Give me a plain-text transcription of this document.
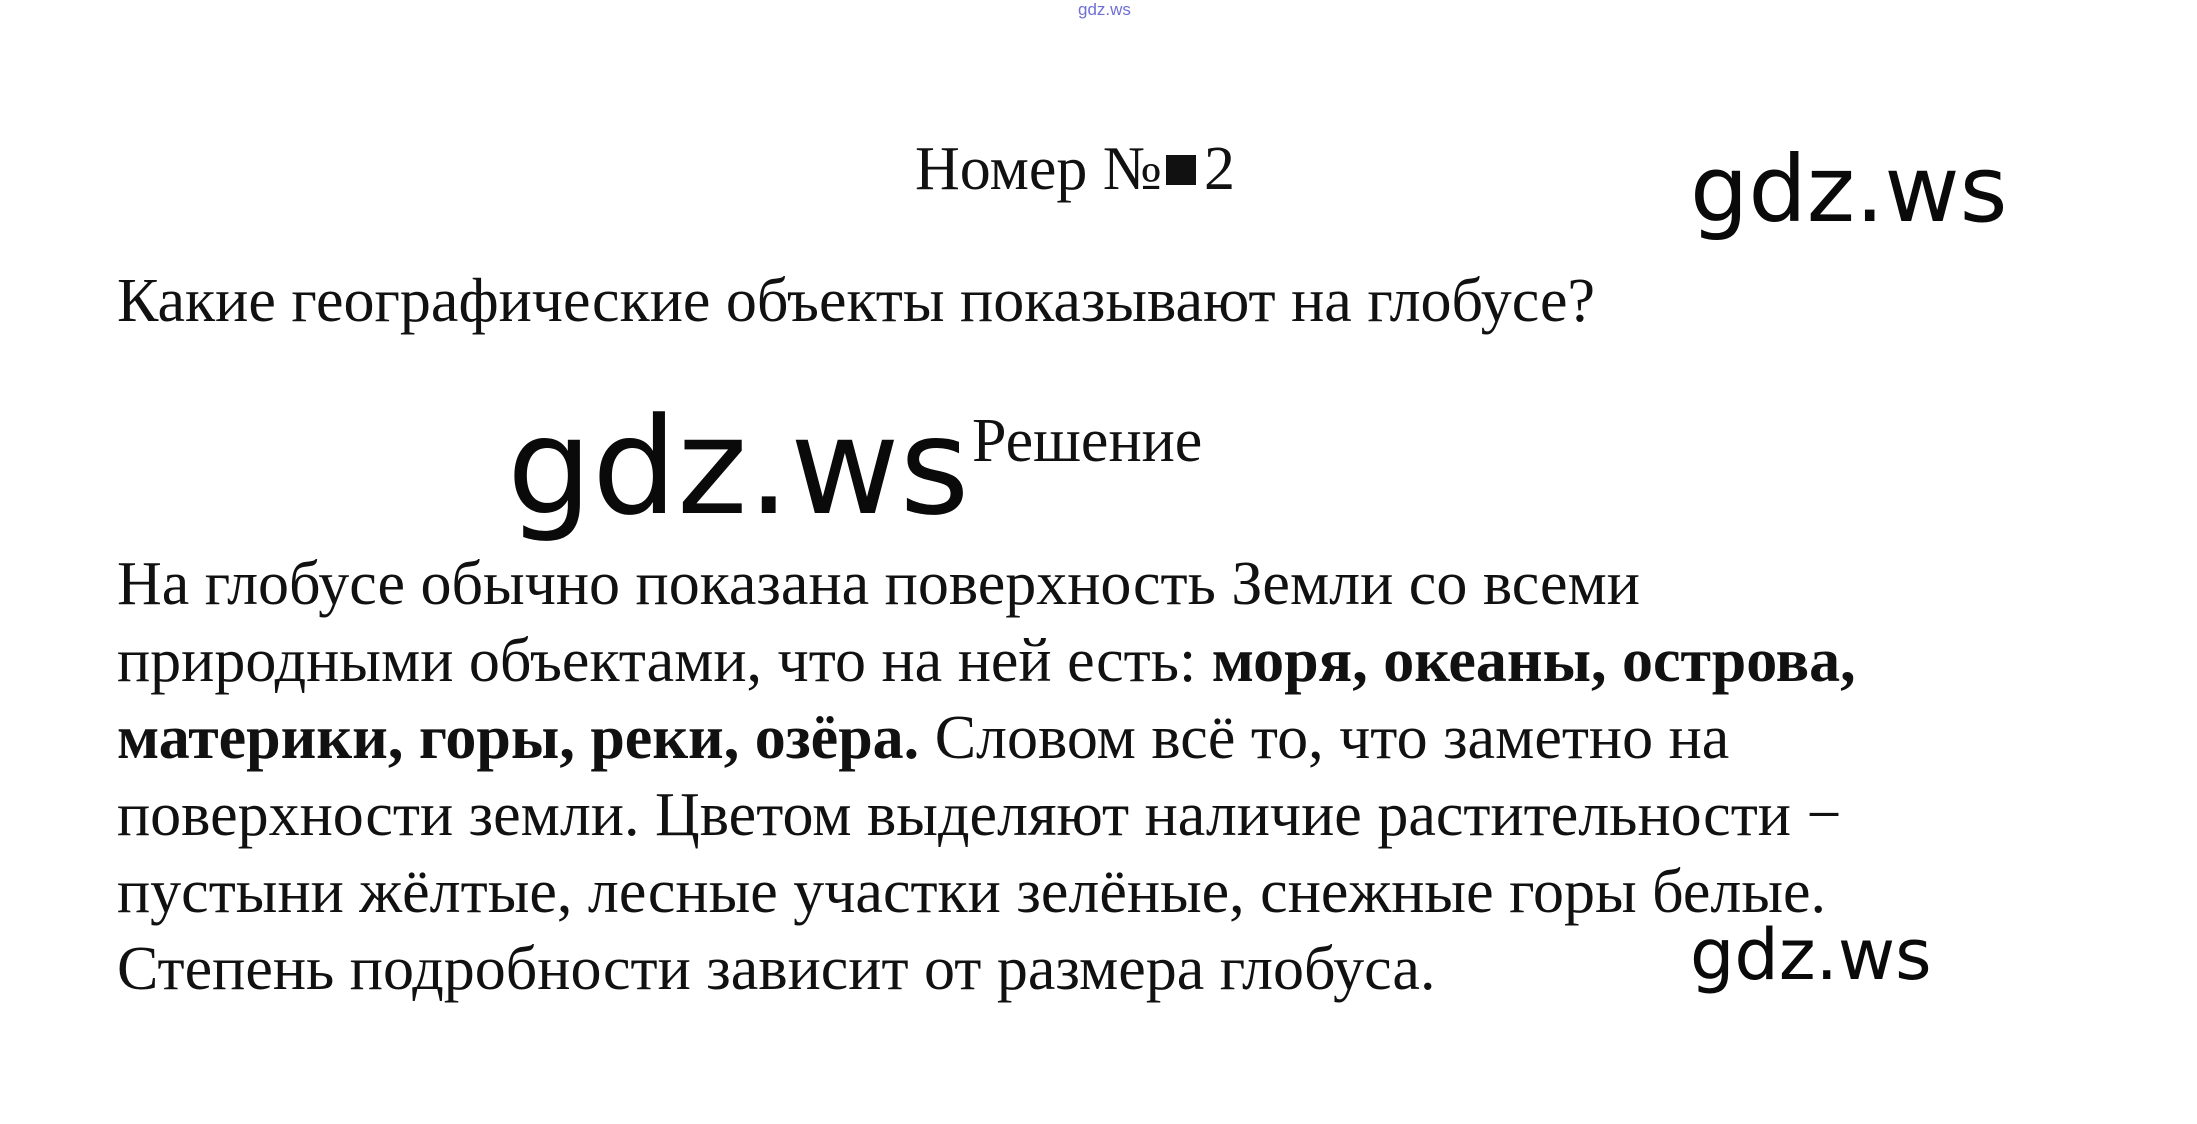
gdz.ws
Номер № 2	gdz.ws
Какие географические объекты показывают на глобусе?
gdz.ws Решение
На глобусе обычно показана поверхность Земли со всеми
природными объектами, что на ней есть: моря, океаны, острова,
материки, горы, реки, озёра. Словом всё то, что заметно на
поверхности земли. Цветом выделяют наличие растительности −
пустыни жёлтые, лесные участки зелёные, снежные горы белые.
Степень подробности зависит от размера глобуса.	gdz.ws
